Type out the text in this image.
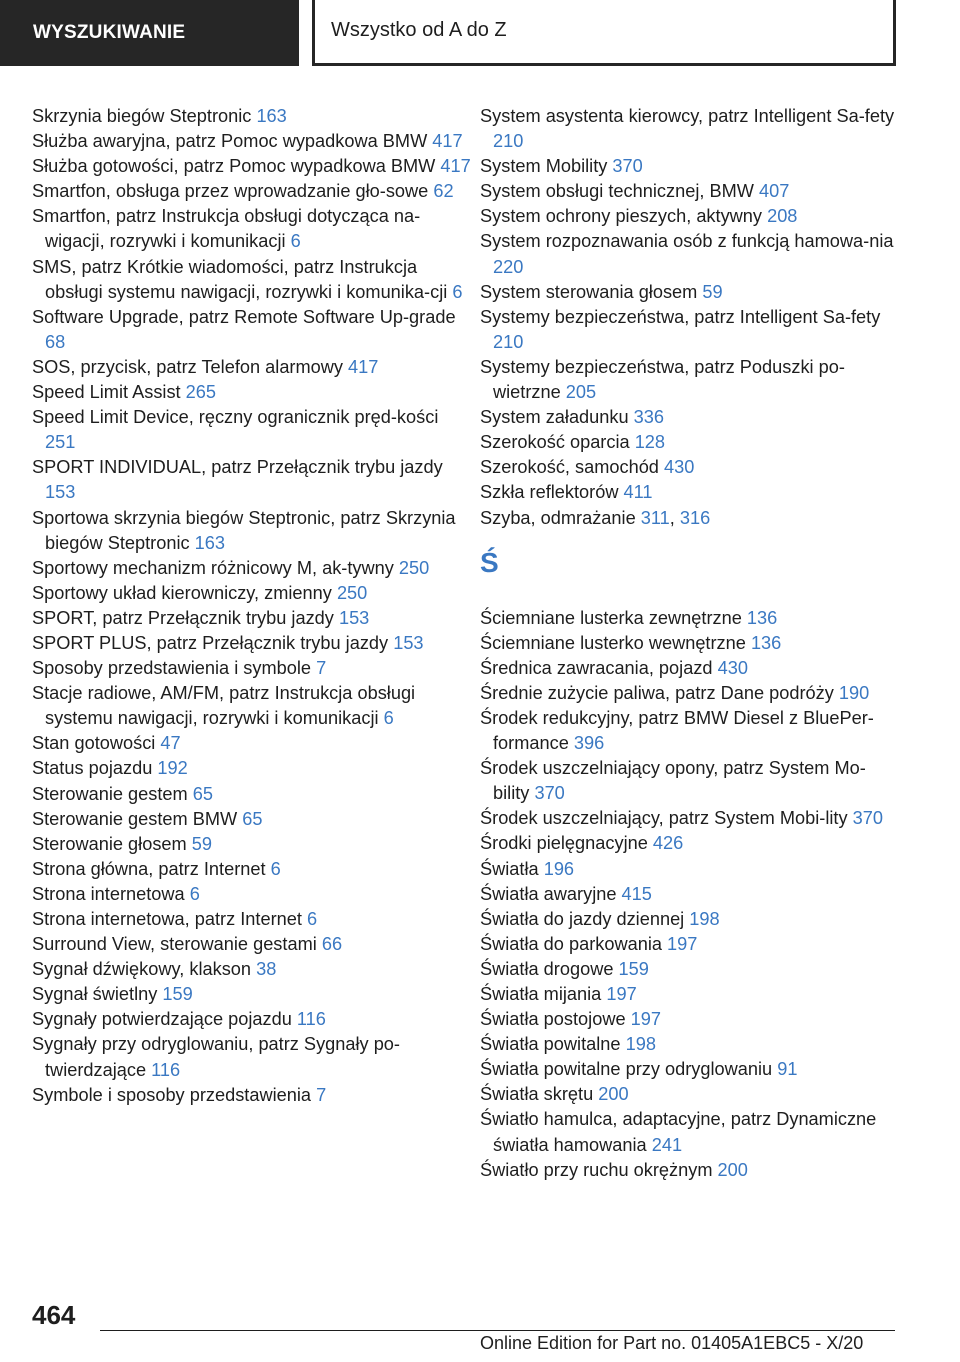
WYSZUKIWANIE	Wszystko od A do Z
Skrzynia biegów Steptronic 163
Służba awaryjna, patrz Pomoc wypadkowa BMW 417
Służba gotowości, patrz Pomoc wypadkowa BMW 417
Smartfon, obsługa przez wprowadzanie gło-sowe 62
Smartfon, patrz Instrukcja obsługi dotycząca na-wigacji, rozrywki i komunikacji 6
SMS, patrz Krótkie wiadomości, patrz Instrukcja obsługi systemu nawigacji, rozrywki i komunika-cji 6
Software Upgrade, patrz Remote Software Up-grade 68
SOS, przycisk, patrz Telefon alarmowy 417
Speed Limit Assist 265
Speed Limit Device, ręczny ogranicznik pręd-kości 251
SPORT INDIVIDUAL, patrz Przełącznik trybu jazdy 153
Sportowa skrzynia biegów Steptronic, patrz Skrzynia biegów Steptronic 163
Sportowy mechanizm różnicowy M, ak-tywny 250
Sportowy układ kierowniczy, zmienny 250
SPORT, patrz Przełącznik trybu jazdy 153
SPORT PLUS, patrz Przełącznik trybu jazdy 153
Sposoby przedstawienia i symbole 7
Stacje radiowe, AM/FM, patrz Instrukcja obsługi systemu nawigacji, rozrywki i komunikacji 6
Stan gotowości 47
Status pojazdu 192
Sterowanie gestem 65
Sterowanie gestem BMW 65
Sterowanie głosem 59
Strona główna, patrz Internet 6
Strona internetowa 6
Strona internetowa, patrz Internet 6
Surround View, sterowanie gestami 66
Sygnał dźwiękowy, klakson 38
Sygnał świetlny 159
Sygnały potwierdzające pojazdu 116
Sygnały przy odryglowaniu, patrz Sygnały po-twierdzające 116
Symbole i sposoby przedstawienia 7
System asystenta kierowcy, patrz Intelligent Sa-fety 210
System Mobility 370
System obsługi technicznej, BMW 407
System ochrony pieszych, aktywny 208
System rozpoznawania osób z funkcją hamowa-nia 220
System sterowania głosem 59
Systemy bezpieczeństwa, patrz Intelligent Sa-fety 210
Systemy bezpieczeństwa, patrz Poduszki po-wietrzne 205
System załadunku 336
Szerokość oparcia 128
Szerokość, samochód 430
Szkła reflektorów 411
Szyba, odmrażanie 311, 316
Ś
Ściemniane lusterka zewnętrzne 136
Ściemniane lusterko wewnętrzne 136
Średnica zawracania, pojazd 430
Średnie zużycie paliwa, patrz Dane podróży 190
Środek redukcyjny, patrz BMW Diesel z BluePer-formance 396
Środek uszczelniający opony, patrz System Mo-bility 370
Środek uszczelniający, patrz System Mobi-lity 370
Środki pielęgnacyjne 426
Światła 196
Światła awaryjne 415
Światła do jazdy dziennej 198
Światła do parkowania 197
Światła drogowe 159
Światła mijania 197
Światła postojowe 197
Światła powitalne 198
Światła powitalne przy odryglowaniu 91
Światła skrętu 200
Światło hamulca, adaptacyjne, patrz Dynamiczne światła hamowania 241
Światło przy ruchu okrężnym 200
464
Online Edition for Part no. 01405A1EBC5 - X/20
